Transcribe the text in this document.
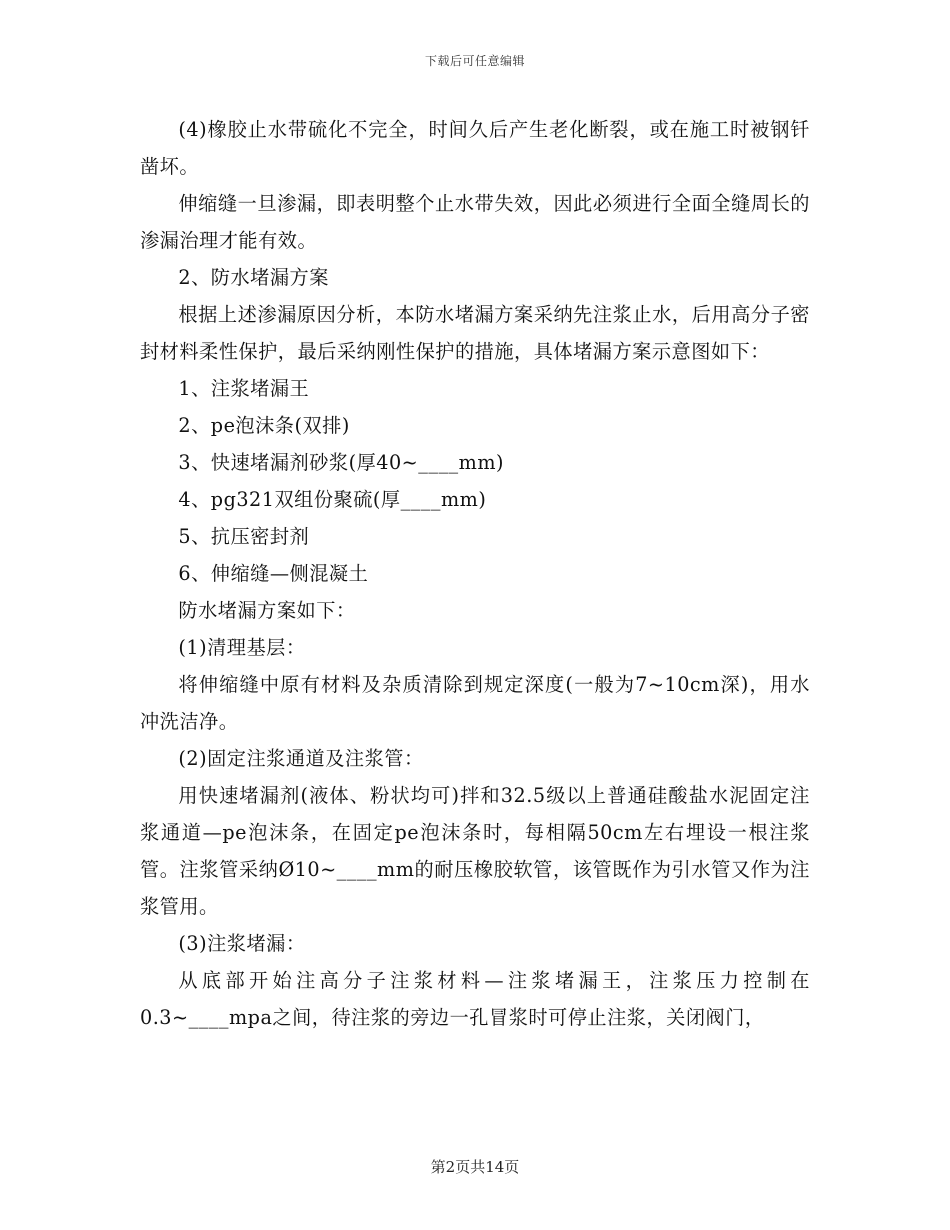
下载后可任意编辑

(4)橡胶止水带硫化不完全，时间久后产生老化断裂，或在施工时被钢钎凿坏。

伸缩缝一旦渗漏，即表明整个止水带失效，因此必须进行全面全缝周长的渗漏治理才能有效。

2、防水堵漏方案

根据上述渗漏原因分析，本防水堵漏方案采纳先注浆止水，后用高分子密封材料柔性保护，最后采纳刚性保护的措施，具体堵漏方案示意图如下：

1、注浆堵漏王

2、pe泡沫条(双排)

3、快速堵漏剂砂浆(厚40~____mm)

4、pg321双组份聚硫(厚____mm)

5、抗压密封剂

6、伸缩缝—侧混凝土

防水堵漏方案如下：

(1)清理基层：

将伸缩缝中原有材料及杂质清除到规定深度(一般为7~10cm深)，用水冲洗洁净。

(2)固定注浆通道及注浆管：

用快速堵漏剂(液体、粉状均可)拌和32.5级以上普通硅酸盐水泥固定注浆通道—pe泡沫条，在固定pe泡沫条时，每相隔50cm左右埋设一根注浆管。注浆管采纳Ø10~____mm的耐压橡胶软管，该管既作为引水管又作为注浆管用。

(3)注浆堵漏：

从底部开始注高分子注浆材料—注浆堵漏王，注浆压力控制在0.3~____mpa之间，待注浆的旁边一孔冒浆时可停止注浆，关闭阀门，

第2页共14页
